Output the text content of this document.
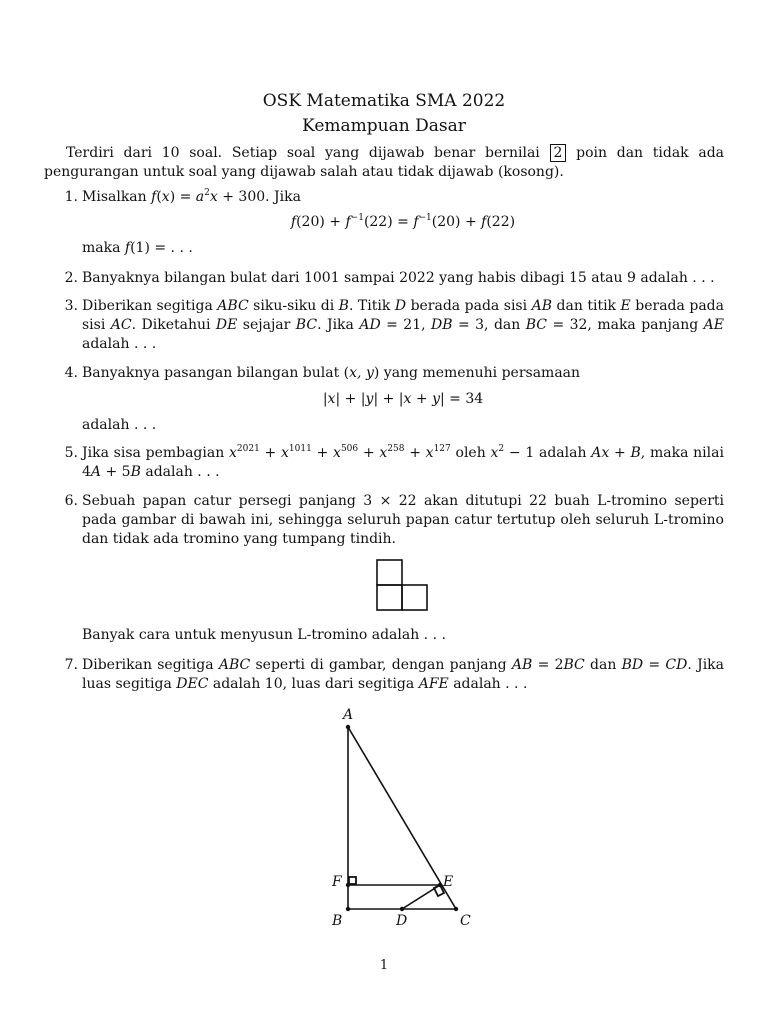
OSK Matematika SMA 2022
Kemampuan Dasar
Terdiri dari 10 soal. Setiap soal yang dijawab benar bernilai 2 poin dan tidak ada pengurangan untuk soal yang dijawab salah atau tidak dijawab (kosong).
1. Misalkan $f(x) = a^2x + 300$. Jika
$f(20) + f^{-1}(22) = f^{-1}(20) + f(22)$
maka f(1) = . . .
2. Banyaknya bilangan bulat dari 1001 sampai 2022 yang habis dibagi 15 atau 9 adalah . . .
3. Diberikan segitiga ABC siku-siku di B. Titik D berada pada sisi AB dan titik E berada pada sisi AC. Diketahui DE sejajar BC. Jika AD = 21, DB = 3, dan BC = 32, maka panjang AE adalah . . .
4. Banyaknya pasangan bilangan bulat (x, y) yang memenuhi persamaan
|x| + |y| + |x + y| = 34
adalah . . .
5. Jika sisa pembagian $x^{2021} + x^{1011} + x^{506} + x^{258} + x^{127}$ oleh $x^2 - 1$ adalah Ax + B, maka nilai 4A + 5B adalah . . .
6. Sebuah papan catur persegi panjang 3 × 22 akan ditutupi 22 buah L-tromino seperti pada gambar di bawah ini, sehingga seluruh papan catur tertutup oleh seluruh L-tromino dan tidak ada tromino yang tumpang tindih.
Banyak cara untuk menyusun L-tromino adalah . . .
7. Diberikan segitiga ABC seperti di gambar, dengan panjang AB = 2BC dan BD = CD. Jika luas segitiga DEC adalah 10, luas dari segitiga AFE adalah . . .
A
F	E
B	D	C
1
